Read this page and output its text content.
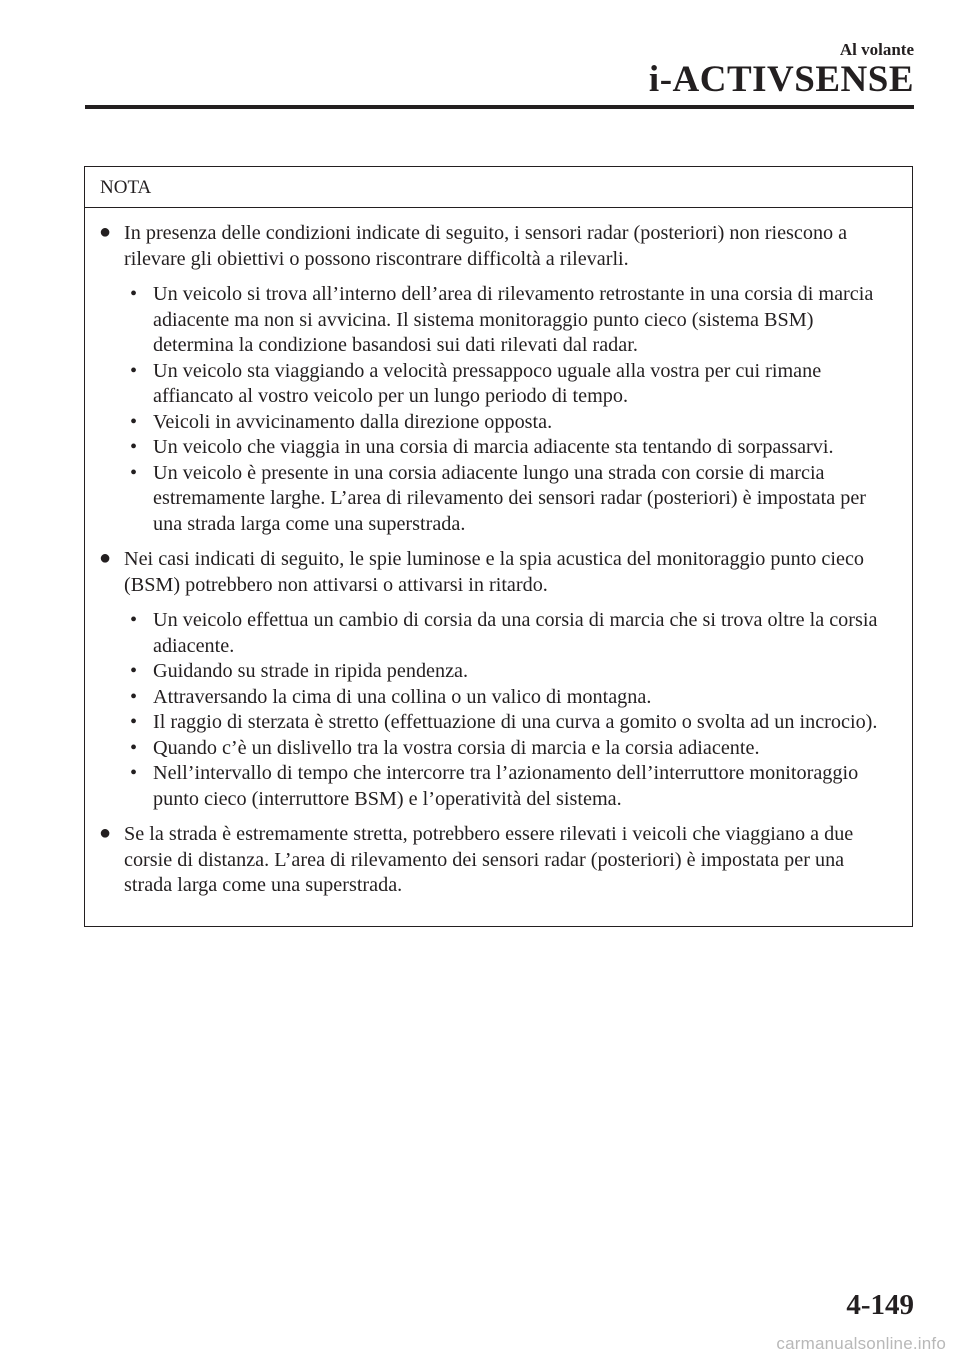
Al volante
i-ACTIVSENSE
NOTA
● In presenza delle condizioni indicate di seguito, i sensori radar (posteriori) non riescono a rilevare gli obiettivi o possono riscontrare difficoltà a rilevarli.
• Un veicolo si trova all’interno dell’area di rilevamento retrostante in una corsia di marcia adiacente ma non si avvicina. Il sistema monitoraggio punto cieco (sistema BSM) determina la condizione basandosi sui dati rilevati dal radar.
• Un veicolo sta viaggiando a velocità pressappoco uguale alla vostra per cui rimane affiancato al vostro veicolo per un lungo periodo di tempo.
• Veicoli in avvicinamento dalla direzione opposta.
• Un veicolo che viaggia in una corsia di marcia adiacente sta tentando di sorpassarvi.
• Un veicolo è presente in una corsia adiacente lungo una strada con corsie di marcia estremamente larghe. L’area di rilevamento dei sensori radar (posteriori) è impostata per una strada larga come una superstrada.
● Nei casi indicati di seguito, le spie luminose e la spia acustica del monitoraggio punto cieco (BSM) potrebbero non attivarsi o attivarsi in ritardo.
• Un veicolo effettua un cambio di corsia da una corsia di marcia che si trova oltre la corsia adiacente.
• Guidando su strade in ripida pendenza.
• Attraversando la cima di una collina o un valico di montagna.
• Il raggio di sterzata è stretto (effettuazione di una curva a gomito o svolta ad un incrocio).
• Quando c’è un dislivello tra la vostra corsia di marcia e la corsia adiacente.
• Nell’intervallo di tempo che intercorre tra l’azionamento dell’interruttore monitoraggio punto cieco (interruttore BSM) e l’operatività del sistema.
● Se la strada è estremamente stretta, potrebbero essere rilevati i veicoli che viaggiano a due corsie di distanza. L’area di rilevamento dei sensori radar (posteriori) è impostata per una strada larga come una superstrada.
4-149
carmanualsonline.info
